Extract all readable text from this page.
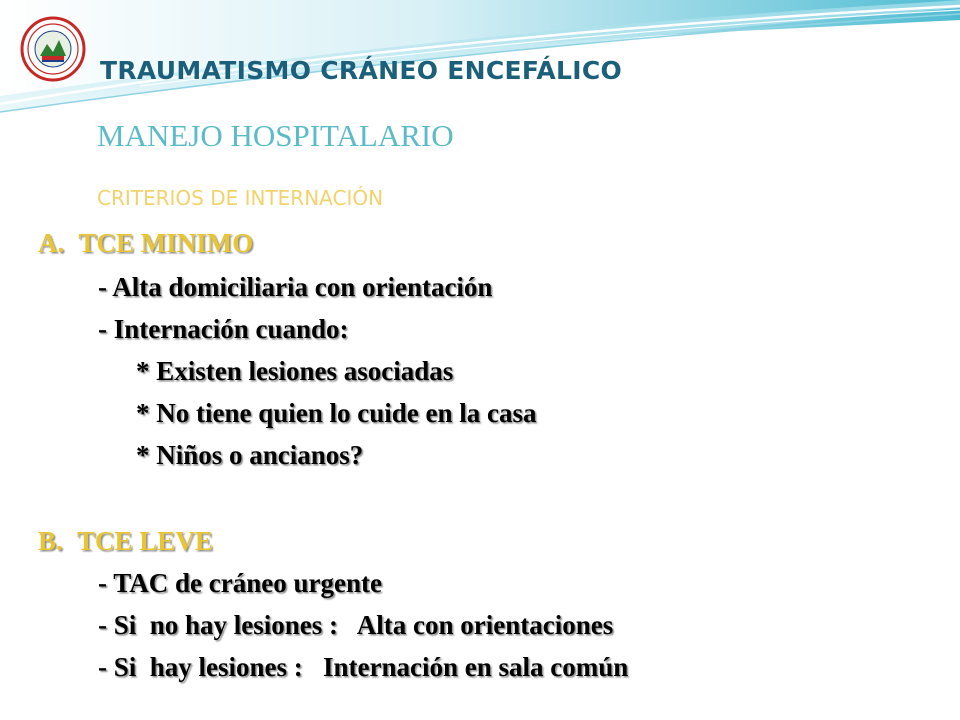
TRAUMATISMO CRÁNEO ENCEFÁLICO
MANEJO HOSPITALARIO
CRITERIOS DE INTERNACIÓN
A. TCE MINIMO
- Alta domiciliaria con orientación
- Internación cuando:
* Existen lesiones asociadas
* No tiene quien lo cuide en la casa
* Niños o ancianos?
B. TCE LEVE
- TAC de cráneo urgente
- Si  no hay lesiones :   Alta con orientaciones
- Si  hay lesiones :   Internación en sala común
